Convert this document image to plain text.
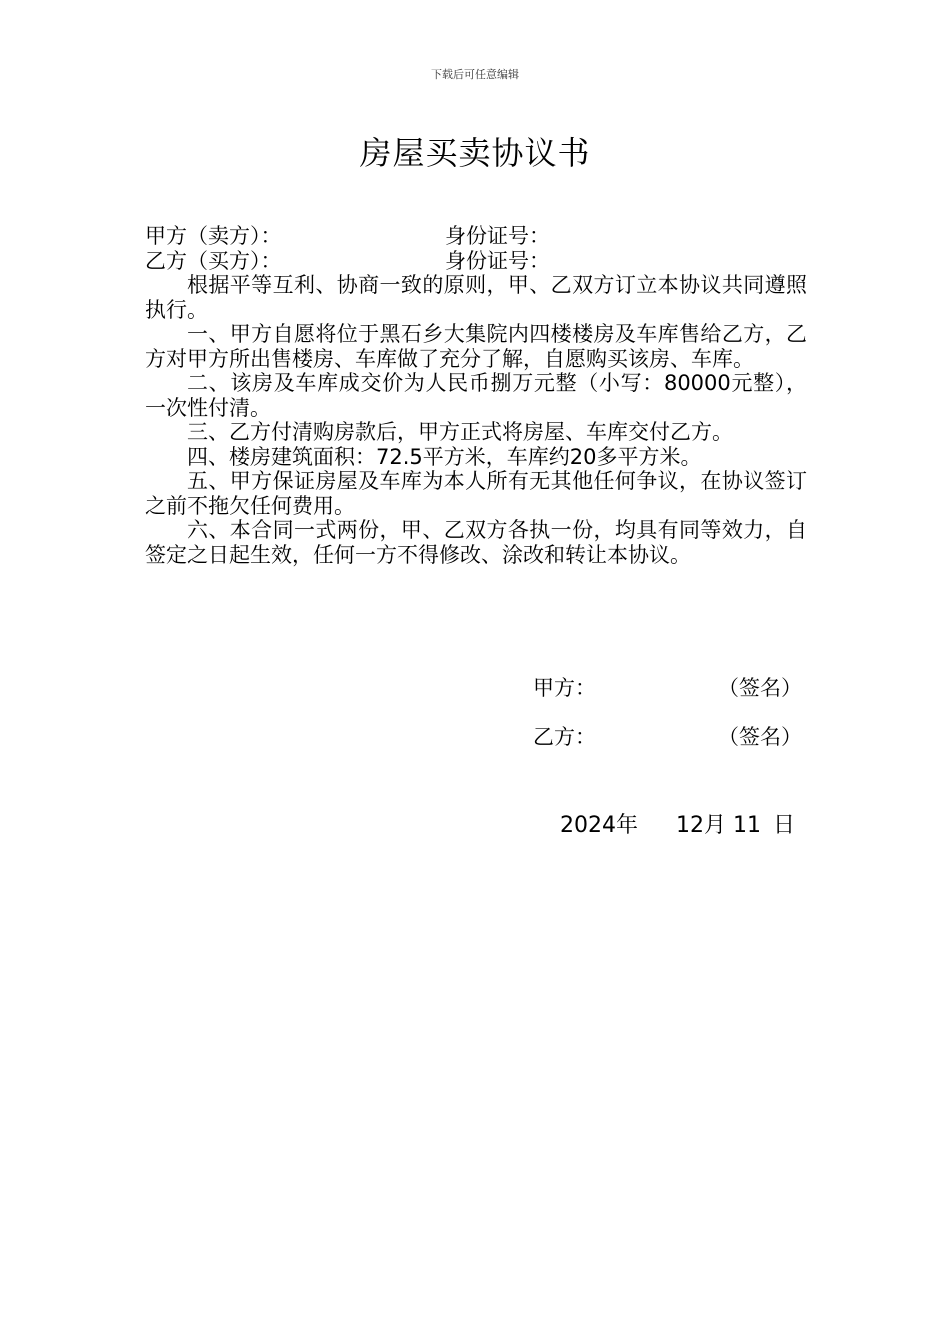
下载后可任意编辑
房屋买卖协议书
甲方（卖方）：	身份证号：
乙方（买方）：	身份证号：

根据平等互利、协商一致的原则，甲、乙双方订立本协议共同遵照执行。

一、甲方自愿将位于黑石乡大集院内四楼楼房及车库售给乙方，乙方对甲方所出售楼房、车库做了充分了解，自愿购买该房、车库。

二、该房及车库成交价为人民币捌万元整（小写：80000元整），一次性付清。

三、乙方付清购房款后，甲方正式将房屋、车库交付乙方。

四、楼房建筑面积：72.5平方米，车库约20多平方米。

五、甲方保证房屋及车库为本人所有无其他任何争议，在协议签订之前不拖欠任何费用。

六、本合同一式两份，甲、乙双方各执一份，均具有同等效力，自签定之日起生效，任何一方不得修改、涂改和转让本协议。

甲方：	（签名）
乙方：	（签名）
2024年 12月 11 日
